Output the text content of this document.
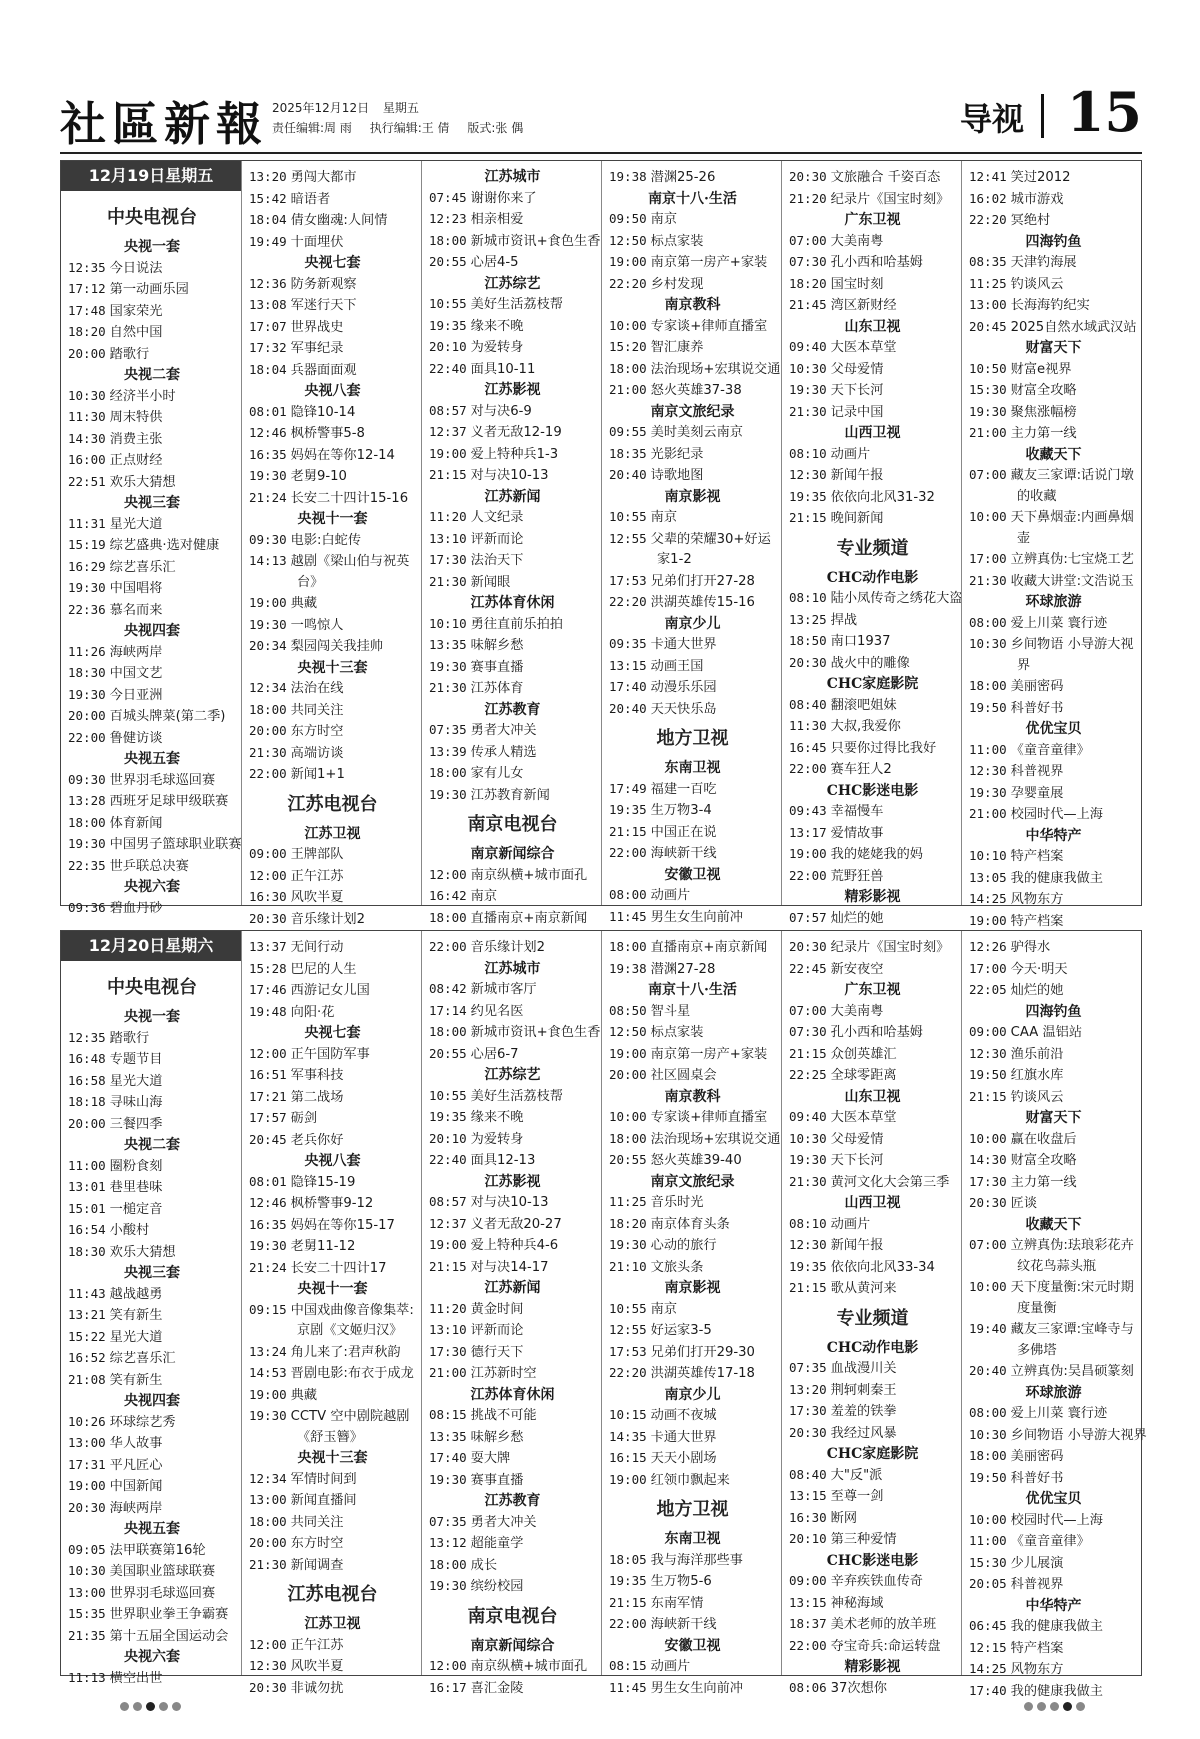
社區新報 2025年12月12日 星期五
责任编辑:周 雨 执行编辑:王 倩 版式:张 偶	导视 15
12月19日星期五
中央电视台
央视一套
12:35 今日说法
17:12 第一动画乐园
17:48 国家荣光
18:20 自然中国
20:00 踏歌行
央视二套
10:30 经济半小时
11:30 周末特供
14:30 消费主张
16:00 正点财经
22:51 欢乐大猜想
央视三套
11:31 星光大道
15:19 综艺盛典·选对健康
16:29 综艺喜乐汇
19:30 中国唱将
22:36 慕名而来
央视四套
11:26 海峡两岸
18:30 中国文艺
19:30 今日亚洲
20:00 百城头牌菜(第二季)
22:00 鲁健访谈
央视五套
09:30 世界羽毛球巡回赛
13:28 西班牙足球甲级联赛
18:00 体育新闻
19:30 中国男子篮球职业联赛
22:35 世乒联总决赛
央视六套
09:36 碧血丹砂
13:20 勇闯大都市
15:42 暗语者
18:04 倩女幽魂:人间情
19:49 十面埋伏
央视七套
12:36 防务新观察
13:08 军迷行天下
17:07 世界战史
17:32 军事纪录
18:04 兵器面面观
央视八套
08:01 隐锋10-14
12:46 枫桥警事5-8
16:35 妈妈在等你12-14
19:30 老舅9-10
21:24 长安二十四计15-16
央视十一套
09:30 电影:白蛇传
14:13 越剧《梁山伯与祝英台》
19:00 典藏
19:30 一鸣惊人
20:34 梨园闯关我挂帅
央视十三套
12:34 法治在线
18:00 共同关注
20:00 东方时空
21:30 高端访谈
22:00 新闻1+1
江苏电视台
江苏卫视
09:00 王牌部队
12:00 正午江苏
16:30 风吹半夏
20:30 音乐缘计划2
江苏城市
07:45 谢谢你来了
12:23 相亲相爱
18:00 新城市资讯+食色生香
20:55 心居4-5
江苏综艺
10:55 美好生活荔枝帮
19:35 缘来不晚
20:10 为爱转身
22:40 面具10-11
江苏影视
08:57 对与决6-9
12:37 义者无敌12-19
19:00 爱上特种兵1-3
21:15 对与决10-13
江苏新闻
11:20 人文纪录
13:10 评新而论
17:30 法治天下
21:30 新闻眼
江苏体育休闲
10:10 勇往直前乐拍拍
13:35 味解乡愁
19:30 赛事直播
21:30 江苏体育
江苏教育
07:35 勇者大冲关
13:39 传承人精选
18:00 家有儿女
19:30 江苏教育新闻
南京电视台
南京新闻综合
12:00 南京纵横+城市面孔
16:42 南京
18:00 直播南京+南京新闻
19:38 潜渊25-26
南京十八·生活
09:50 南京
12:50 标点家装
19:00 南京第一房产+家装
22:20 乡村发现
南京教科
10:00 专家谈+律师直播室
15:20 智汇康养
18:00 法治现场+宏琪说交通
21:00 怒火英雄37-38
南京文旅纪录
09:55 美时美刻云南京
18:35 光影纪录
20:40 诗歌地图
南京影视
10:55 南京
12:55 父辈的荣耀30+好运家1-2
17:53 兄弟们打开27-28
22:20 洪湖英雄传15-16
南京少儿
09:35 卡通大世界
13:15 动画王国
17:40 动漫乐乐园
20:40 天天快乐岛
地方卫视
东南卫视
17:49 福建一百吃
19:35 生万物3-4
21:15 中国正在说
22:00 海峡新干线
安徽卫视
08:00 动画片
11:45 男生女生向前冲
20:30 文旅融合 千姿百态
21:20 纪录片《国宝时刻》
广东卫视
07:00 大美南粤
07:30 孔小西和哈基姆
18:20 国宝时刻
21:45 湾区新财经
山东卫视
09:40 大医本草堂
10:30 父母爱情
19:30 天下长河
21:30 记录中国
山西卫视
08:10 动画片
12:30 新闻午报
19:35 依依向北风31-32
21:15 晚间新闻
专业频道
CHC动作电影
08:10 陆小凤传奇之绣花大盗
13:25 捍战
18:50 南口1937
20:30 战火中的雕像
CHC家庭影院
08:40 翻滚吧姐妹
11:30 大叔,我爱你
16:45 只要你过得比我好
22:00 赛车狂人2
CHC影迷电影
09:43 幸福慢车
13:17 爱情故事
19:00 我的姥姥我的妈
22:00 荒野狂兽
精彩影视
07:57 灿烂的她
12:41 笑过2012
16:02 城市游戏
22:20 冥绝村
四海钓鱼
08:35 天津钓海展
11:25 钓谈风云
13:00 长海海钓纪实
20:45 2025自然水域武汉站
财富天下
10:50 财富e视界
15:30 财富全攻略
19:30 聚焦涨幅榜
21:00 主力第一线
收藏天下
07:00 藏友三家谭:话说门墩的收藏
10:00 天下鼻烟壶:内画鼻烟壶
17:00 立辨真伪:七宝烧工艺
21:30 收藏大讲堂:文浩说玉
环球旅游
08:00 爱上川菜 寰行迹
10:30 乡间物语 小导游大视界
18:00 美丽密码
19:50 科普好书
优优宝贝
11:00 《童音童律》
12:30 科普视界
19:30 孕婴童展
21:00 校园时代—上海
中华特产
10:10 特产档案
13:05 我的健康我做主
14:25 风物东方
19:00 特产档案
12月20日星期六
中央电视台
央视一套
12:35 踏歌行
16:48 专题节目
16:58 星光大道
18:18 寻味山海
20:00 三餐四季
央视二套
11:00 圈粉食刻
13:01 巷里巷味
15:01 一槌定音
16:54 小酸村
18:30 欢乐大猜想
央视三套
11:43 越战越勇
13:21 笑有新生
15:22 星光大道
16:52 综艺喜乐汇
21:08 笑有新生
央视四套
10:26 环球综艺秀
13:00 华人故事
17:31 平凡匠心
19:00 中国新闻
20:30 海峡两岸
央视五套
09:05 法甲联赛第16轮
10:30 美国职业篮球联赛
13:00 世界羽毛球巡回赛
15:35 世界职业拳王争霸赛
21:35 第十五届全国运动会
央视六套
11:13 横空出世
13:37 无间行动
15:28 巴尼的人生
17:46 西游记女儿国
19:48 向阳·花
央视七套
12:00 正午国防军事
16:51 军事科技
17:21 第二战场
17:57 砺剑
20:45 老兵你好
央视八套
08:01 隐锋15-19
12:46 枫桥警事9-12
16:35 妈妈在等你15-17
19:30 老舅11-12
21:24 长安二十四计17
央视十一套
09:15 中国戏曲像音像集萃:京剧《文姬归汉》
13:24 角儿来了:君声秋韵
14:53 晋剧电影:布衣于成龙
19:00 典藏
19:30 CCTV 空中剧院越剧《舒玉簪》
央视十三套
12:34 军情时间到
13:00 新闻直播间
18:00 共同关注
20:00 东方时空
21:30 新闻调查
江苏电视台
江苏卫视
12:00 正午江苏
12:30 风吹半夏
20:30 非诚勿扰
22:00 音乐缘计划2
江苏城市
08:42 新城市客厅
17:14 约见名医
18:00 新城市资讯+食色生香
20:55 心居6-7
江苏综艺
10:55 美好生活荔枝帮
19:35 缘来不晚
20:10 为爱转身
22:40 面具12-13
江苏影视
08:57 对与决10-13
12:37 义者无敌20-27
19:00 爱上特种兵4-6
21:15 对与决14-17
江苏新闻
11:20 黄金时间
13:10 评新而论
17:30 德行天下
21:00 江苏新时空
江苏体育休闲
08:15 挑战不可能
13:35 味解乡愁
17:40 耍大牌
19:30 赛事直播
江苏教育
07:35 勇者大冲关
13:12 超能童学
18:00 成长
19:30 缤纷校园
南京电视台
南京新闻综合
12:00 南京纵横+城市面孔
16:17 喜汇金陵
18:00 直播南京+南京新闻
19:38 潜渊27-28
南京十八·生活
08:50 智斗星
12:50 标点家装
19:00 南京第一房产+家装
20:00 社区圆桌会
南京教科
10:00 专家谈+律师直播室
18:00 法治现场+宏琪说交通
20:55 怒火英雄39-40
南京文旅纪录
11:25 音乐时光
18:20 南京体育头条
19:30 心动的旅行
21:10 文旅头条
南京影视
10:55 南京
12:55 好运家3-5
17:53 兄弟们打开29-30
22:20 洪湖英雄传17-18
南京少儿
10:15 动画不夜城
14:35 卡通大世界
16:15 天天小剧场
19:00 红领巾飘起来
地方卫视
东南卫视
18:05 我与海洋那些事
19:35 生万物5-6
21:15 东南军情
22:00 海峡新干线
安徽卫视
08:15 动画片
11:45 男生女生向前冲
20:30 纪录片《国宝时刻》
22:45 新安夜空
广东卫视
07:00 大美南粤
07:30 孔小西和哈基姆
21:15 众创英雄汇
22:25 全球零距离
山东卫视
09:40 大医本草堂
10:30 父母爱情
19:30 天下长河
21:30 黄河文化大会第三季
山西卫视
08:10 动画片
12:30 新闻午报
19:35 依依向北风33-34
21:15 歌从黄河来
专业频道
CHC动作电影
07:35 血战漫川关
13:20 荆轲刺秦王
17:30 羞羞的铁拳
20:30 我经过风暴
CHC家庭影院
08:40 大"反"派
13:15 至尊一剑
16:30 断网
20:10 第三种爱情
CHC影迷电影
09:00 辛弃疾铁血传奇
13:15 神秘海域
18:37 美术老师的放羊班
22:00 夺宝奇兵:命运转盘
精彩影视
08:06 37次想你
12:26 驴得水
17:00 今天·明天
22:05 灿烂的她
四海钓鱼
09:00 CAA 温铝站
12:30 渔乐前沿
19:50 红旗水库
21:15 钓谈风云
财富天下
10:00 赢在收盘后
14:30 财富全攻略
17:30 主力第一线
20:30 匠谈
收藏天下
07:00 立辨真伪:珐琅彩花卉纹花鸟蒜头瓶
10:00 天下度量衡:宋元时期度量衡
19:40 藏友三家谭:宝峰寺与多佛塔
20:40 立辨真伪:吴昌硕篆刻
环球旅游
08:00 爱上川菜 寰行迹
10:30 乡间物语 小导游大视界
18:00 美丽密码
19:50 科普好书
优优宝贝
10:00 校园时代—上海
11:00 《童音童律》
15:30 少儿展演
20:05 科普视界
中华特产
06:45 我的健康我做主
12:15 特产档案
14:25 风物东方
17:40 我的健康我做主
